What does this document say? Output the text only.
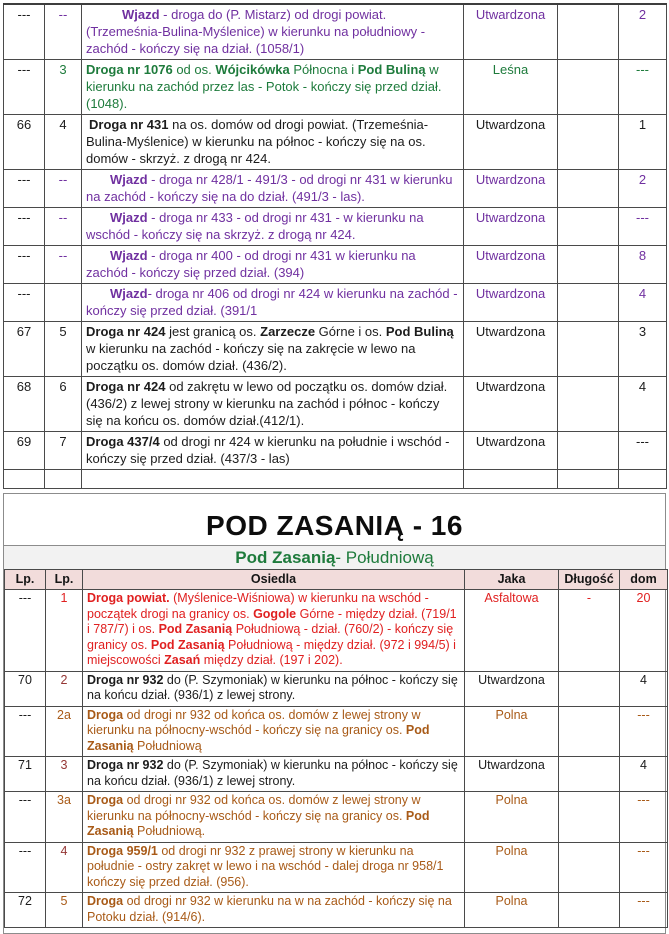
---	--	Wjazd - droga do (P. Mistarz) od drogi powiat. (Trzemeśnia-Bulina-Myślenice) w kierunku na południowy - zachód - kończy się na dział. (1058/1)	Utwardzona		2
---	3	Droga nr 1076 od os. Wójcikówka Północna i Pod Buliną w kierunku na zachód przez las - Potok - kończy się przed dział. (1048).	Leśna		---
66	4	Droga nr 431 na os. domów od drogi powiat. (Trzemeśnia-Bulina-Myślenice) w kierunku na północ - kończy się na os. domów - skrzyż. z drogą nr 424.	Utwardzona		1
---	--	Wjazd - droga nr 428/1 - 491/3 - od drogi nr 431 w kierunku na zachód - kończy się na do dział. (491/3 - las).	Utwardzona		2
---	--	Wjazd - droga nr 433 - od drogi nr 431 - w kierunku na wschód - kończy się na skrzyż. z drogą nr 424.	Utwardzona		---
---	--	Wjazd - droga nr 400 - od drogi nr 431 w kierunku na zachód - kończy się przed dział. (394)	Utwardzona		8
---		Wjazd- droga nr 406 od drogi nr 424 w kierunku na zachód - kończy się przed dział. (391/1	Utwardzona		4
67	5	Droga nr 424 jest granicą os. Zarzecze Górne i os. Pod Buliną w kierunku na zachód - kończy się na zakręcie w lewo na początku os. domów dział. (436/2).	Utwardzona		3
68	6	Droga nr 424 od zakrętu w lewo od początku os. domów dział. (436/2) z lewej strony w kierunku na zachód i północ - kończy się na końcu os. domów dział.(412/1).	Utwardzona		4
69	7	Droga 437/4 od drogi nr 424 w kierunku na południe i wschód - kończy się przed dział. (437/3 - las)	Utwardzona		---

POD ZASANIĄ - 16
Pod Zasanią - Południową
Lp.	Lp.	Osiedla	Jaka	Długość	dom
---	1	Droga powiat. (Myślenice-Wiśniowa) w kierunku na wschód - początek drogi na granicy os. Gogole Górne - między dział. (719/1 i 787/7) i os. Pod Zasanią Południową - dział. (760/2) - kończy się granicy os. Pod Zasanią Południową - między dział. (972 i 994/5) i miejscowości Zasań między dział. (197 i 202).	Asfaltowa	-	20
70	2	Droga nr 932 do (P. Szymoniak) w kierunku na północ - kończy się na końcu dział. (936/1) z lewej strony.	Utwardzona		4
---	2a	Droga od drogi nr 932 od końca os. domów z lewej strony w kierunku na północny-wschód - kończy się na granicy os. Pod Zasanią Południową	Polna		---
71	3	Droga nr 932 do (P. Szymoniak) w kierunku na północ - kończy się na końcu dział. (936/1) z lewej strony.	Utwardzona		4
---	3a	Droga od drogi nr 932 od końca os. domów z lewej strony w kierunku na północny-wschód - kończy się na granicy os. Pod Zasanią Południową.	Polna		---
---	4	Droga 959/1 od drogi nr 932 z prawej strony w kierunku na południe - ostry zakręt w lewo i na wschód - dalej droga nr 958/1 kończy się przed dział. (956).	Polna		---
72	5	Droga od drogi nr 932 w kierunku na w na zachód - kończy się na Potoku dział. (914/6).	Polna		---
